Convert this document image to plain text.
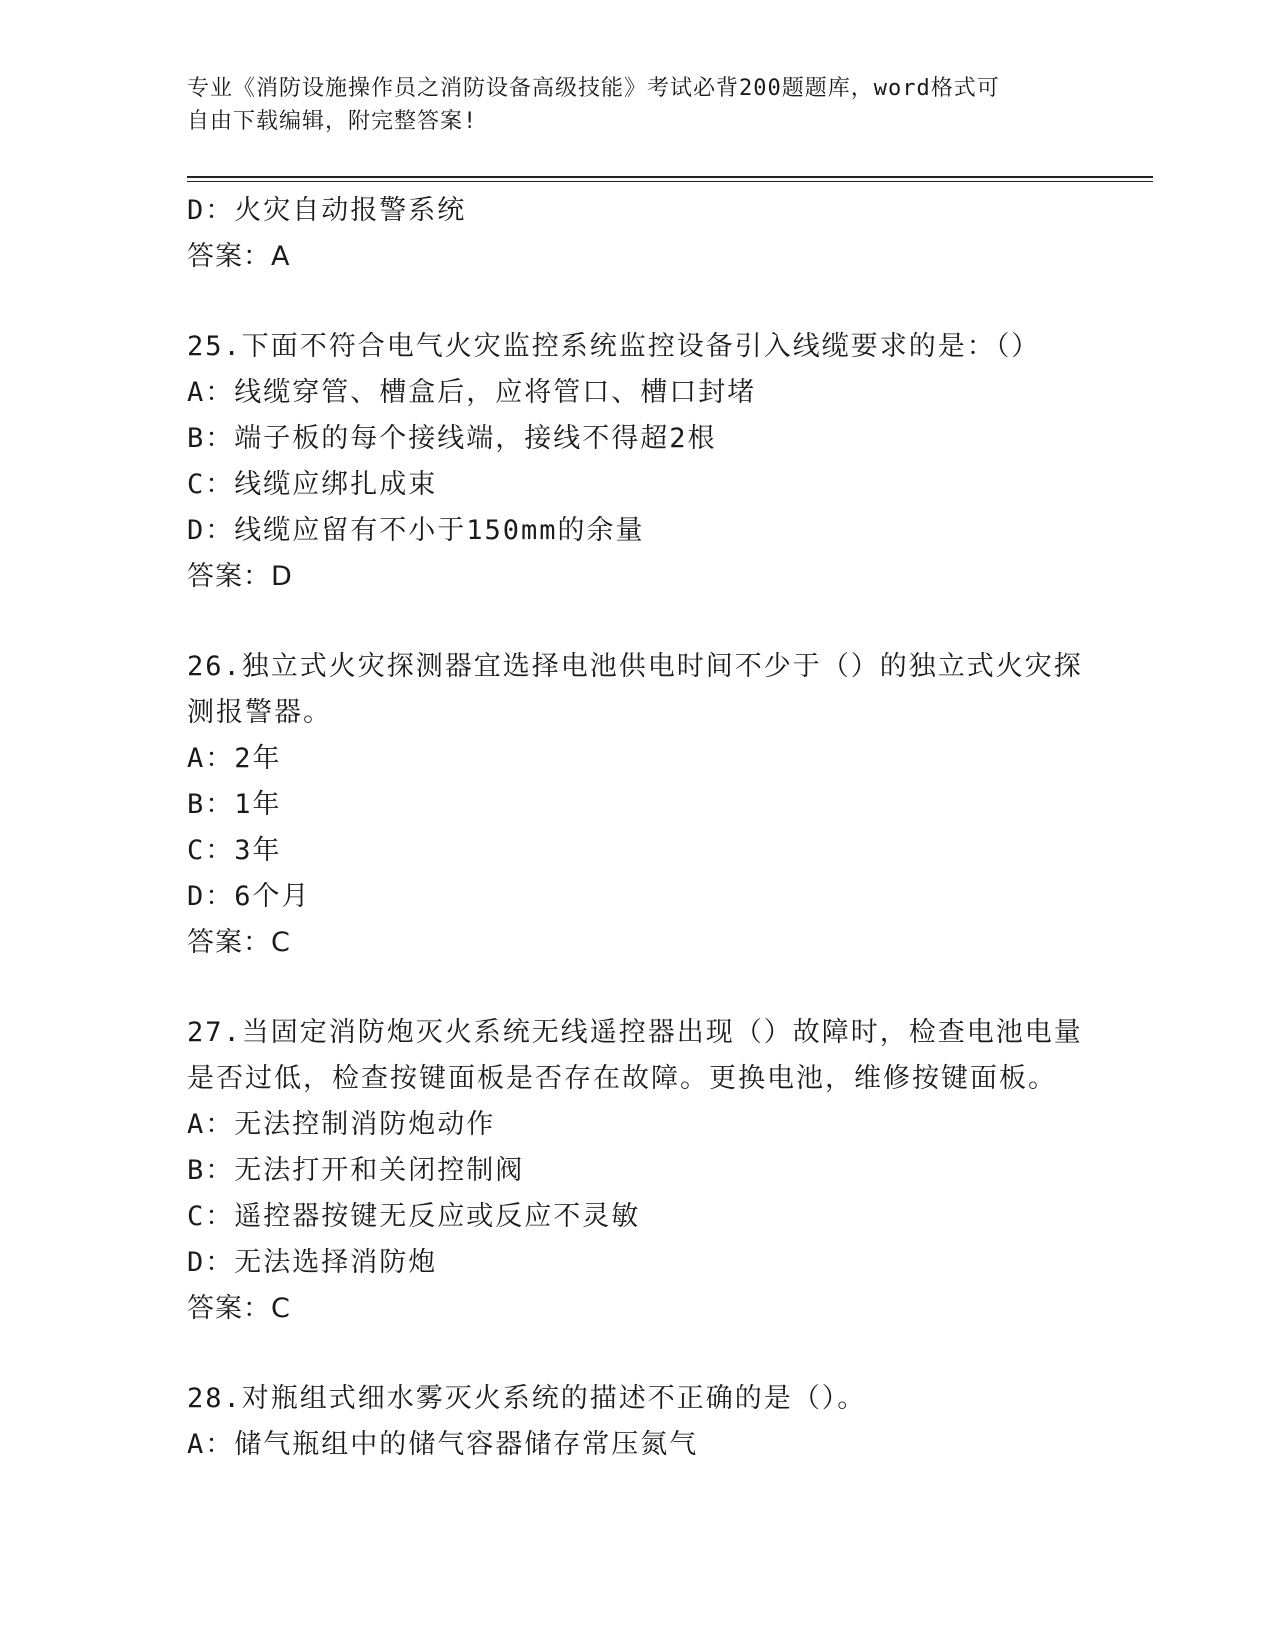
专业《消防设施操作员之消防设备高级技能》考试必背200题题库，word格式可
自由下载编辑，附完整答案!
D：火灾自动报警系统
答案：A
25.下面不符合电气火灾监控系统监控设备引入线缆要求的是：（）
A：线缆穿管、槽盒后，应将管口、槽口封堵
B：端子板的每个接线端，接线不得超2根
C：线缆应绑扎成束
D：线缆应留有不小于150mm的余量
答案：D
26.独立式火灾探测器宜选择电池供电时间不少于（）的独立式火灾探
测报警器。
A：2年
B：1年
C：3年
D：6个月
答案：C
27.当固定消防炮灭火系统无线遥控器出现（）故障时，检查电池电量
是否过低，检查按键面板是否存在故障。更换电池，维修按键面板。
A：无法控制消防炮动作
B：无法打开和关闭控制阀
C：遥控器按键无反应或反应不灵敏
D：无法选择消防炮
答案：C
28.对瓶组式细水雾灭火系统的描述不正确的是（）。
A：储气瓶组中的储气容器储存常压氮气
